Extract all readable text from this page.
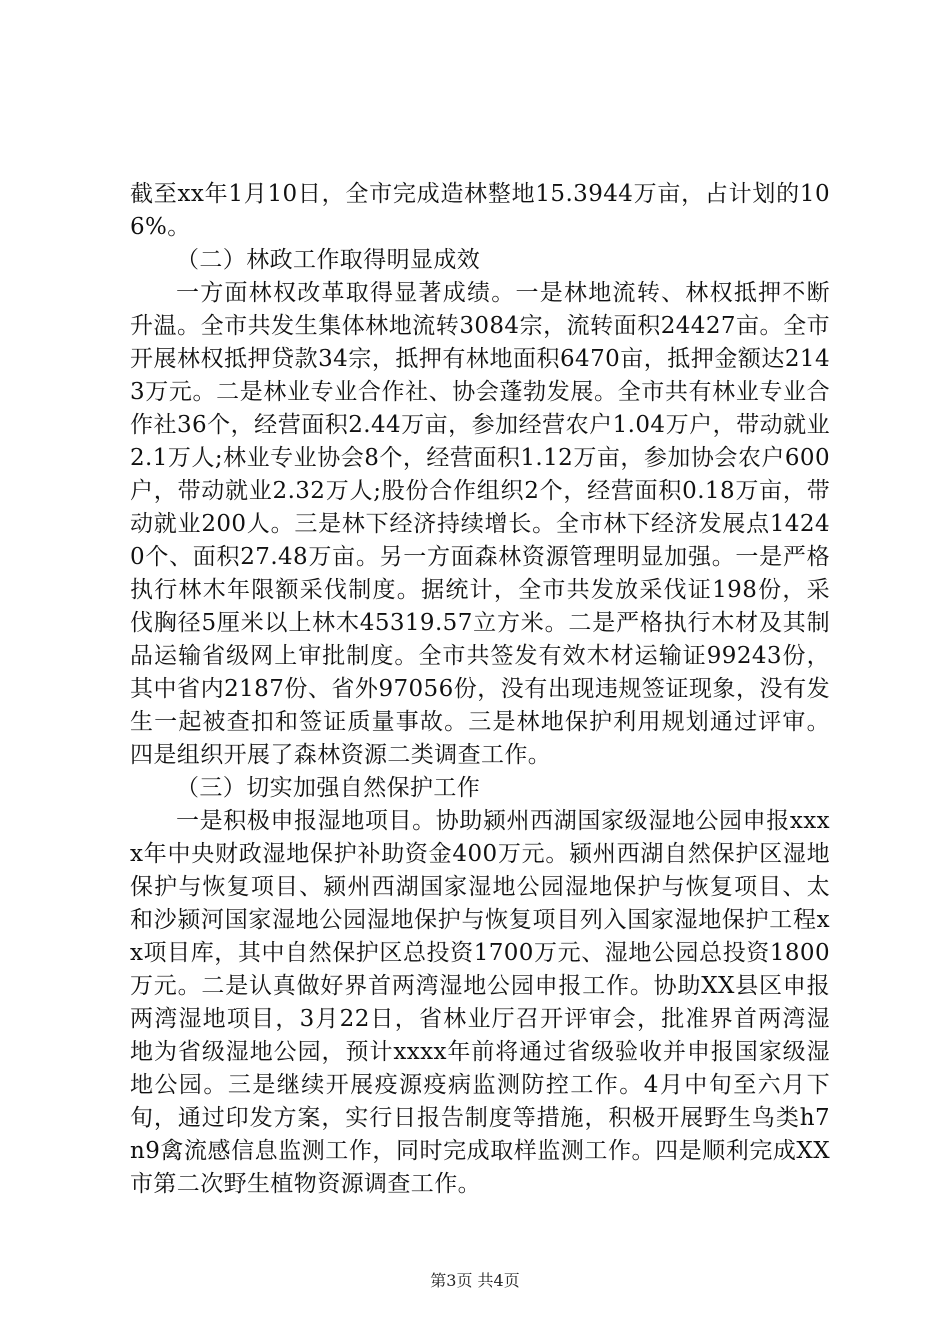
截至xx年1月10日，全市完成造林整地15.3944万亩，占计划的106%。

（二）林政工作取得明显成效

一方面林权改革取得显著成绩。一是林地流转、林权抵押不断升温。全市共发生集体林地流转3084宗，流转面积24427亩。全市开展林权抵押贷款34宗，抵押有林地面积6470亩，抵押金额达2143万元。二是林业专业合作社、协会蓬勃发展。全市共有林业专业合作社36个，经营面积2.44万亩，参加经营农户1.04万户，带动就业2.1万人;林业专业协会8个，经营面积1.12万亩，参加协会农户600户，带动就业2.32万人;股份合作组织2个，经营面积0.18万亩，带动就业200人。三是林下经济持续增长。全市林下经济发展点14240个、面积27.48万亩。另一方面森林资源管理明显加强。一是严格执行林木年限额采伐制度。据统计，全市共发放采伐证198份，采伐胸径5厘米以上林木45319.57立方米。二是严格执行木材及其制品运输省级网上审批制度。全市共签发有效木材运输证99243份，其中省内2187份、省外97056份，没有出现违规签证现象，没有发生一起被查扣和签证质量事故。三是林地保护利用规划通过评审。四是组织开展了森林资源二类调查工作。

（三）切实加强自然保护工作

一是积极申报湿地项目。协助颍州西湖国家级湿地公园申报xxxx年中央财政湿地保护补助资金400万元。颍州西湖自然保护区湿地保护与恢复项目、颍州西湖国家湿地公园湿地保护与恢复项目、太和沙颍河国家湿地公园湿地保护与恢复项目列入国家湿地保护工程xx项目库，其中自然保护区总投资1700万元、湿地公园总投资1800万元。二是认真做好界首两湾湿地公园申报工作。协助XX县区申报两湾湿地项目，3月22日，省林业厅召开评审会，批准界首两湾湿地为省级湿地公园，预计xxxx年前将通过省级验收并申报国家级湿地公园。三是继续开展疫源疫病监测防控工作。4月中旬至六月下旬，通过印发方案，实行日报告制度等措施，积极开展野生鸟类h7n9禽流感信息监测工作，同时完成取样监测工作。四是顺利完成XX市第二次野生植物资源调查工作。

第3页 共4页
